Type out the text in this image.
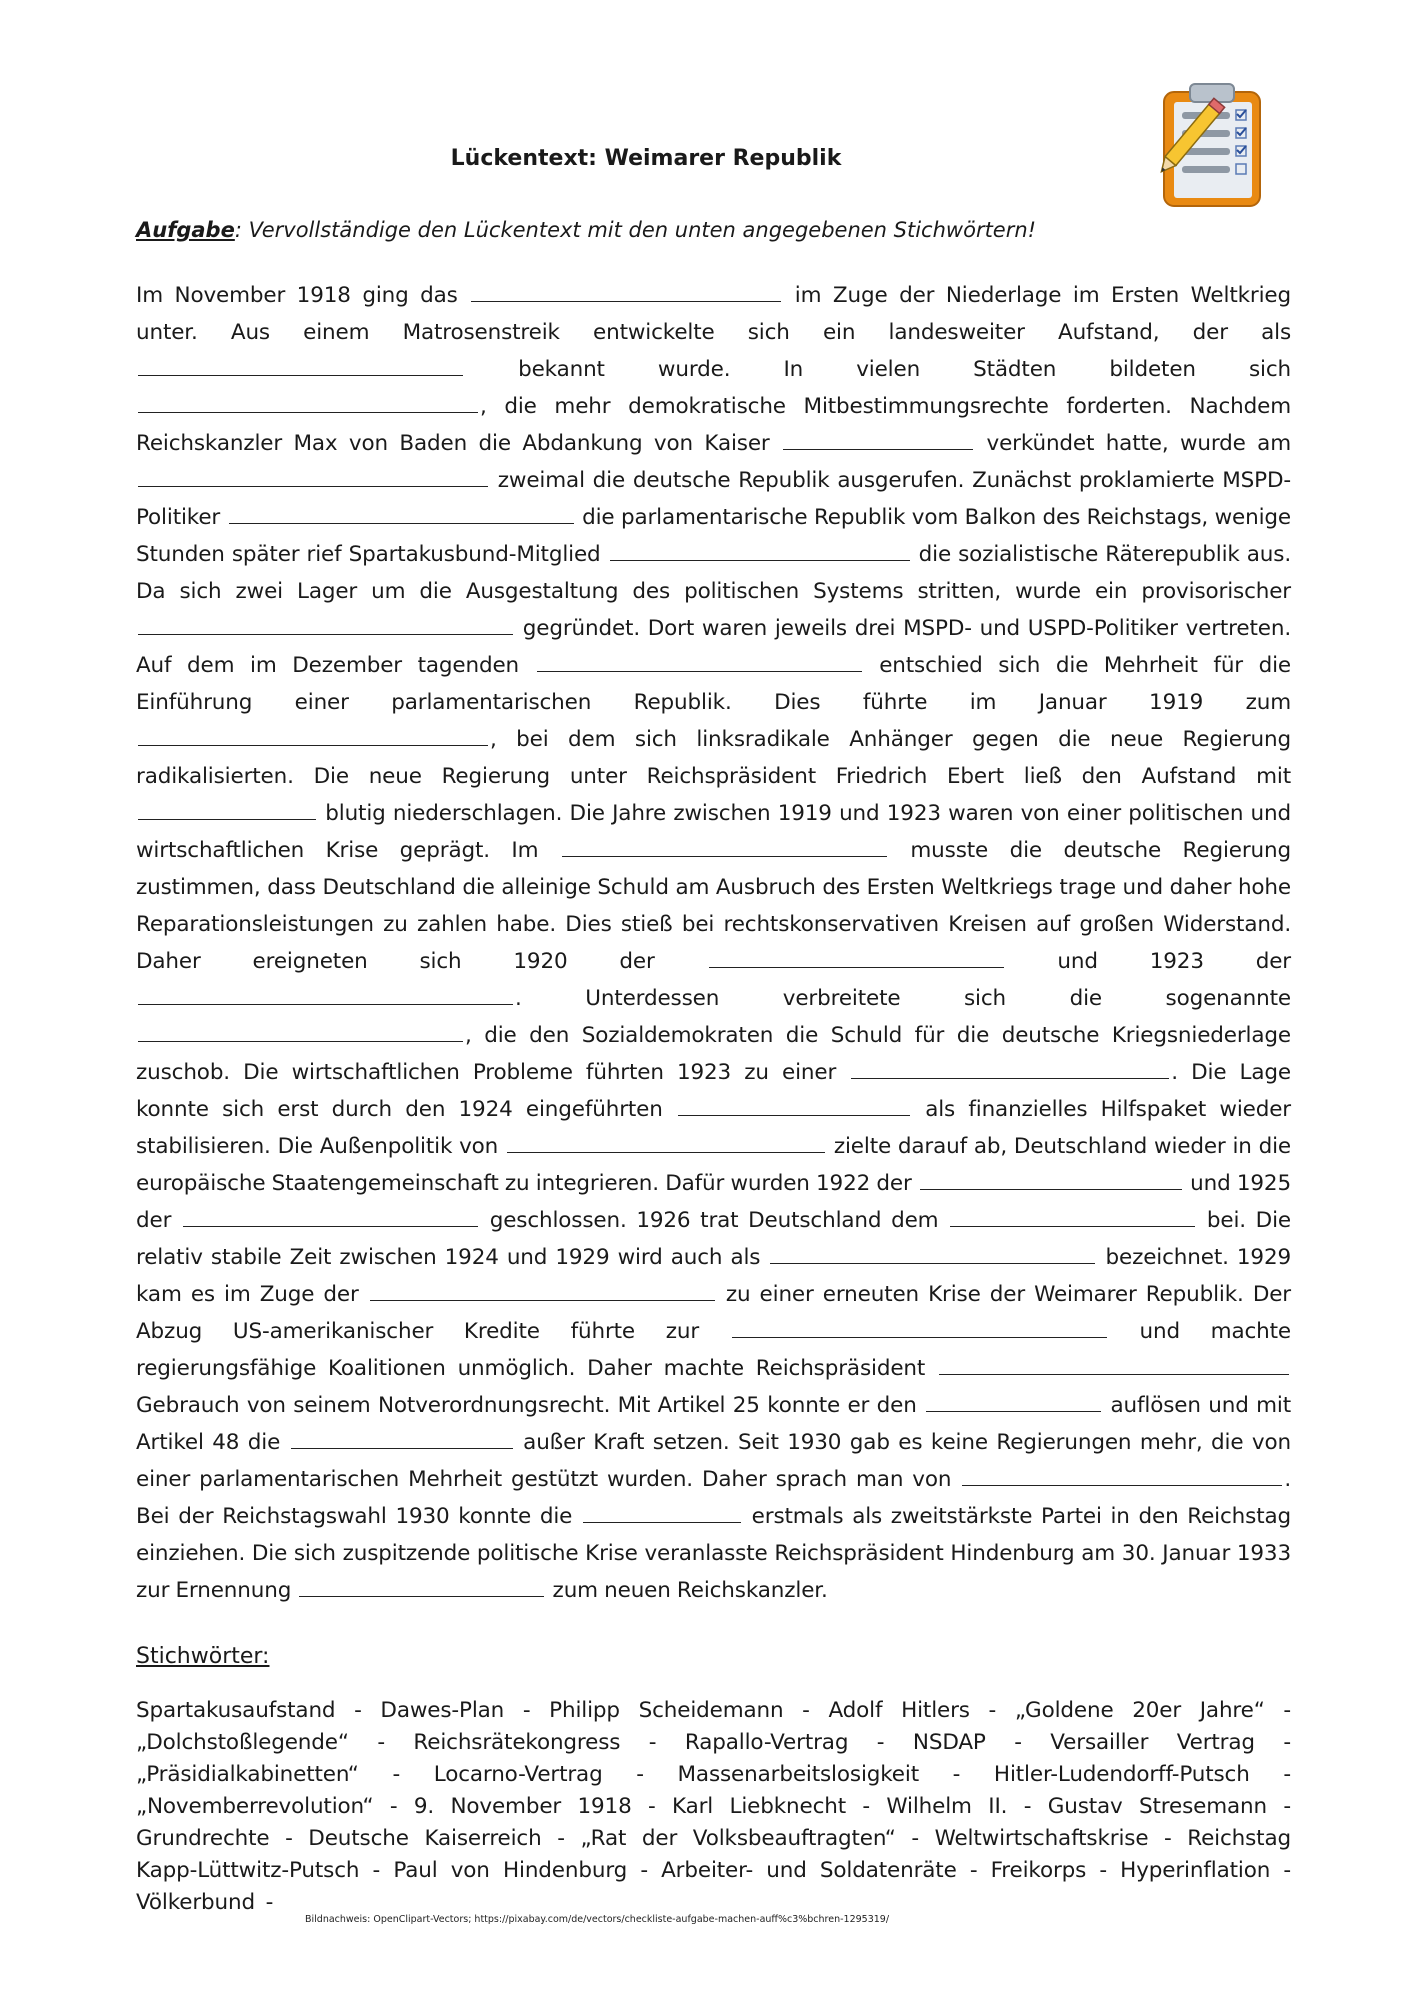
Lückentext: Weimarer Republik
Aufgabe: Vervollständige den Lückentext mit den unten angegebenen Stichwörtern!
Im November 1918 ging das	im Zuge der Niederlage im Ersten Weltkrieg unter. Aus einem Matrosenstreik entwickelte sich ein landesweiter Aufstand, der als  bekannt wurde. In vielen Städten bildeten sich , die mehr demokratische Mitbestimmungsrechte forderten. Nachdem Reichskanzler Max von Baden die Abdankung von Kaiser	verkündet hatte, wurde am  zweimal die deutsche Republik ausgerufen. Zunächst proklamierte MSPD-Politiker	die parlamentarische Republik vom Balkon des Reichstags, wenige Stunden später rief Spartakusbund-Mitglied	die sozialistische Räterepublik aus. Da sich zwei Lager um die Ausgestaltung des politischen Systems stritten, wurde ein provisorischer  gegründet. Dort waren jeweils drei MSPD- und USPD-Politiker vertreten. Auf dem im Dezember tagenden	entschied sich die Mehrheit für die Einführung einer parlamentarischen Republik. Dies führte im Januar 1919 zum , bei dem sich linksradikale Anhänger gegen die neue Regierung radikalisierten. Die neue Regierung unter Reichspräsident Friedrich Ebert ließ den Aufstand mit  blutig niederschlagen. Die Jahre zwischen 1919 und 1923 waren von einer politischen und wirtschaftlichen Krise geprägt. Im	musste die deutsche Regierung zustimmen, dass Deutschland die alleinige Schuld am Ausbruch des Ersten Weltkriegs trage und daher hohe Reparationsleistungen zu zahlen habe. Dies stieß bei rechtskonservativen Kreisen auf großen Widerstand. Daher ereigneten sich 1920 der	und 1923 der . Unterdessen verbreitete sich die sogenannte , die den Sozialdemokraten die Schuld für die deutsche Kriegsniederlage zuschob. Die wirtschaftlichen Probleme führten 1923 zu einer	. Die Lage konnte sich erst durch den 1924 eingeführten	als finanzielles Hilfspaket wieder stabilisieren. Die Außenpolitik von	zielte darauf ab, Deutschland wieder in die europäische Staatengemeinschaft zu integrieren. Dafür wurden 1922 der	und 1925 der	geschlossen. 1926 trat Deutschland dem	bei. Die relativ stabile Zeit zwischen 1924 und 1929 wird auch als	bezeichnet. 1929 kam es im Zuge der	zu einer erneuten Krise der Weimarer Republik. Der Abzug US-amerikanischer Kredite führte zur	und machte regierungsfähige Koalitionen unmöglich. Daher machte Reichspräsident  Gebrauch von seinem Notverordnungsrecht. Mit Artikel 25 konnte er den	auflösen und mit Artikel 48 die	außer Kraft setzen. Seit 1930 gab es keine Regierungen mehr, die von einer parlamentarischen Mehrheit gestützt wurden. Daher sprach man von	. Bei der Reichstagswahl 1930 konnte die	erstmals als zweitstärkste Partei in den Reichstag einziehen. Die sich zuspitzende politische Krise veranlasste Reichspräsident Hindenburg am 30. Januar 1933 zur Ernennung	zum neuen Reichskanzler.
Stichwörter:
Spartakusaufstand - Dawes-Plan - Philipp Scheidemann - Adolf Hitlers - „Goldene 20er Jahre“ - „Dolchstoßlegende“ - Reichsrätekongress - Rapallo-Vertrag - NSDAP - Versailler Vertrag - „Präsidialkabinetten“ - Locarno-Vertrag - Massenarbeitslosigkeit - Hitler-Ludendorff-Putsch - „Novemberrevolution“ - 9. November 1918 - Karl Liebknecht - Wilhelm II. - Gustav Stresemann - Grundrechte - Deutsche Kaiserreich - „Rat der Volksbeauftragten“ - Weltwirtschaftskrise - Reichstag Kapp-Lüttwitz-Putsch - Paul von Hindenburg - Arbeiter- und Soldatenräte - Freikorps - Hyperinflation - Völkerbund -
Bildnachweis: OpenClipart-Vectors; https://pixabay.com/de/vectors/checkliste-aufgabe-machen-auff%c3%bchren-1295319/
